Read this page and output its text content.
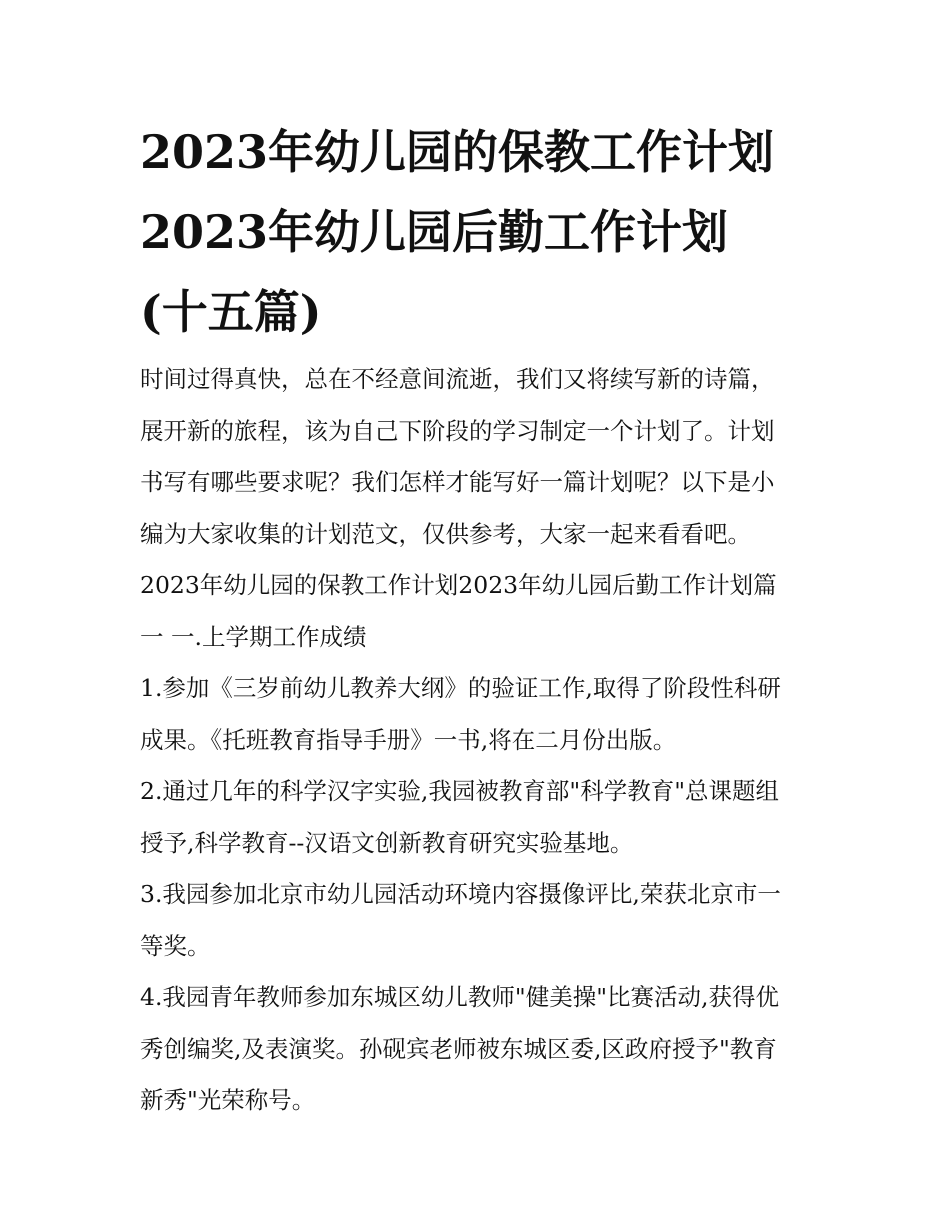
2023年幼儿园的保教工作计划
2023年幼儿园后勤工作计划
(十五篇)

时间过得真快，总在不经意间流逝，我们又将续写新的诗篇，
展开新的旅程，该为自己下阶段的学习制定一个计划了。计划
书写有哪些要求呢？我们怎样才能写好一篇计划呢？以下是小
编为大家收集的计划范文，仅供参考，大家一起来看看吧。

2023年幼儿园的保教工作计划2023年幼儿园后勤工作计划篇
一 一.上学期工作成绩

1.参加《三岁前幼儿教养大纲》的验证工作,取得了阶段性科研
成果。《托班教育指导手册》一书,将在二月份出版。

2.通过几年的科学汉字实验,我园被教育部"科学教育"总课题组
授予,科学教育--汉语文创新教育研究实验基地。

3.我园参加北京市幼儿园活动环境内容摄像评比,荣获北京市一
等奖。

4.我园青年教师参加东城区幼儿教师"健美操"比赛活动,获得优
秀创编奖,及表演奖。孙砚宾老师被东城区委,区政府授予"教育
新秀"光荣称号。
